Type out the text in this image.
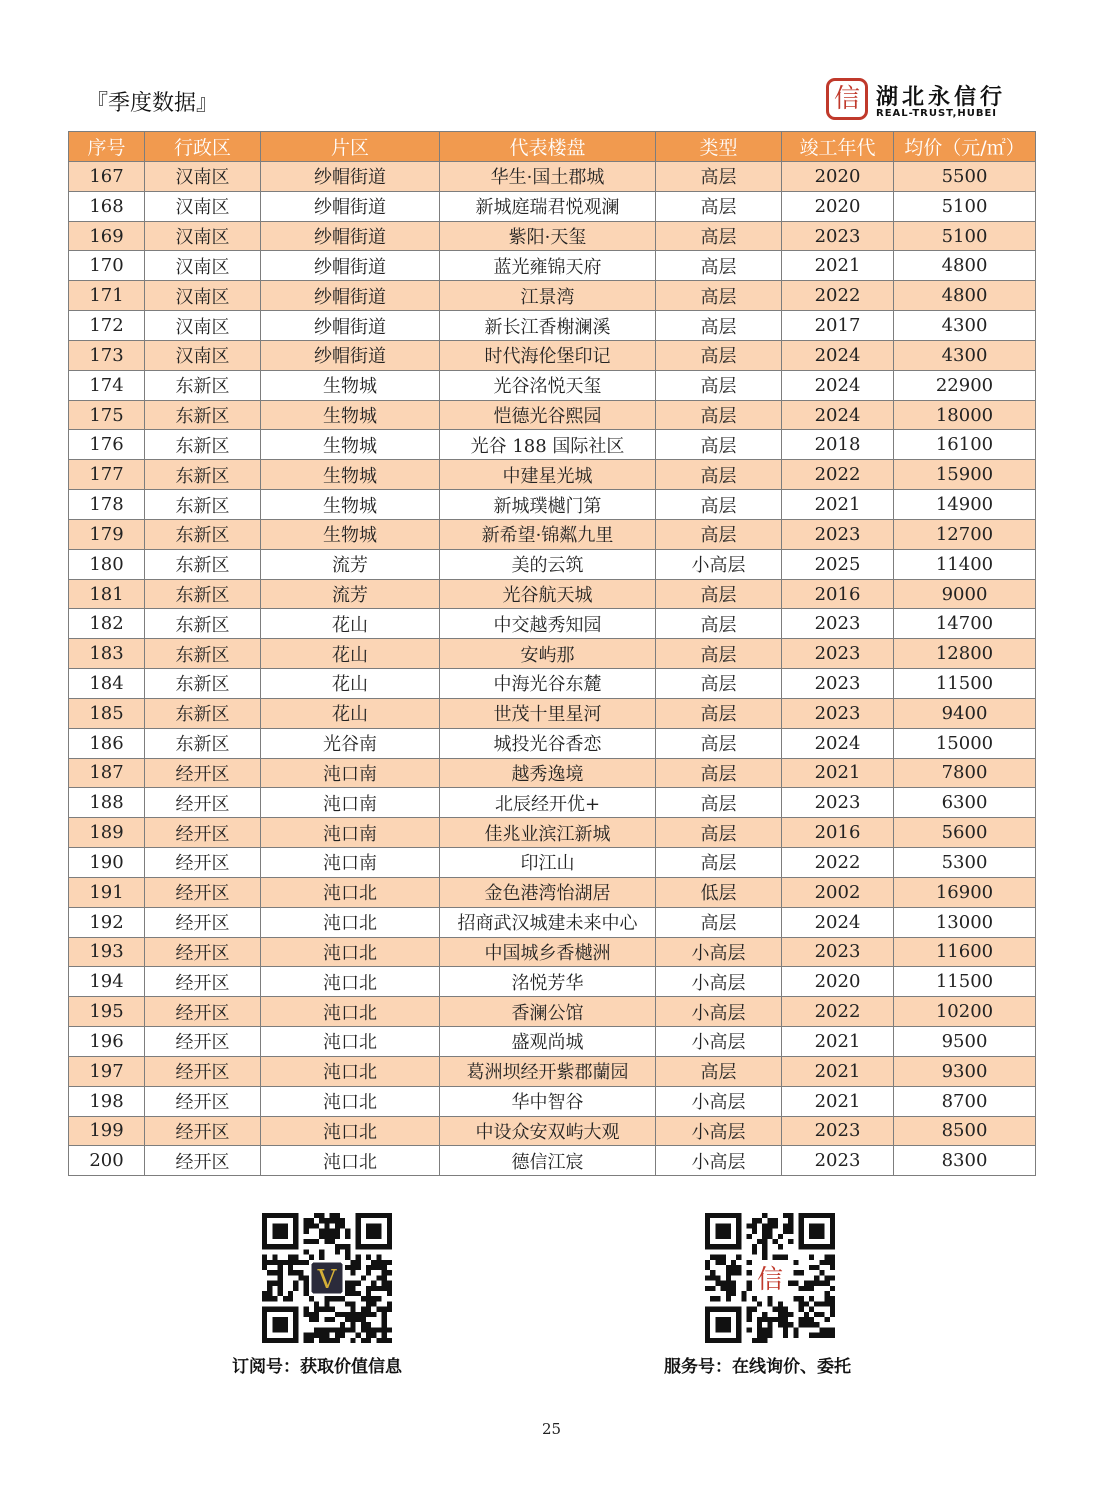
『季度数据』	信 湖北永信行
REAL-TRUST,HUBEI
序号	行政区	片区	代表楼盘	类型	竣工年代	均价（元/㎡）
167	汉南区	纱帽街道	华生·国土郡城	高层	2020	5500
168	汉南区	纱帽街道	新城庭瑞君悦观澜	高层	2020	5100
169	汉南区	纱帽街道	紫阳·天玺	高层	2023	5100
170	汉南区	纱帽街道	蓝光雍锦天府	高层	2021	4800
171	汉南区	纱帽街道	江景湾	高层	2022	4800
172	汉南区	纱帽街道	新长江香榭澜溪	高层	2017	4300
173	汉南区	纱帽街道	时代海伦堡印记	高层	2024	4300
174	东新区	生物城	光谷洺悦天玺	高层	2024	22900
175	东新区	生物城	恺德光谷熙园	高层	2024	18000
176	东新区	生物城	光谷 188 国际社区	高层	2018	16100
177	东新区	生物城	中建星光城	高层	2022	15900
178	东新区	生物城	新城璞樾门第	高层	2021	14900
179	东新区	生物城	新希望·锦粼九里	高层	2023	12700
180	东新区	流芳	美的云筑	小高层	2025	11400
181	东新区	流芳	光谷航天城	高层	2016	9000
182	东新区	花山	中交越秀知园	高层	2023	14700
183	东新区	花山	安屿那	高层	2023	12800
184	东新区	花山	中海光谷东麓	高层	2023	11500
185	东新区	花山	世茂十里星河	高层	2023	9400
186	东新区	光谷南	城投光谷香恋	高层	2024	15000
187	经开区	沌口南	越秀逸境	高层	2021	7800
188	经开区	沌口南	北辰经开优+	高层	2023	6300
189	经开区	沌口南	佳兆业滨江新城	高层	2016	5600
190	经开区	沌口南	印江山	高层	2022	5300
191	经开区	沌口北	金色港湾怡湖居	低层	2002	16900
192	经开区	沌口北	招商武汉城建未来中心	高层	2024	13000
193	经开区	沌口北	中国城乡香樾洲	小高层	2023	11600
194	经开区	沌口北	洺悦芳华	小高层	2020	11500
195	经开区	沌口北	香澜公馆	小高层	2022	10200
196	经开区	沌口北	盛观尚城	小高层	2021	9500
197	经开区	沌口北	葛洲坝经开紫郡蘭园	高层	2021	9300
198	经开区	沌口北	华中智谷	小高层	2021	8700
199	经开区	沌口北	中设众安双屿大观	小高层	2023	8500
200	经开区	沌口北	德信江宸	小高层	2023	8300
V
订阅号：获取价值信息
信
服务号：在线询价、委托
25
